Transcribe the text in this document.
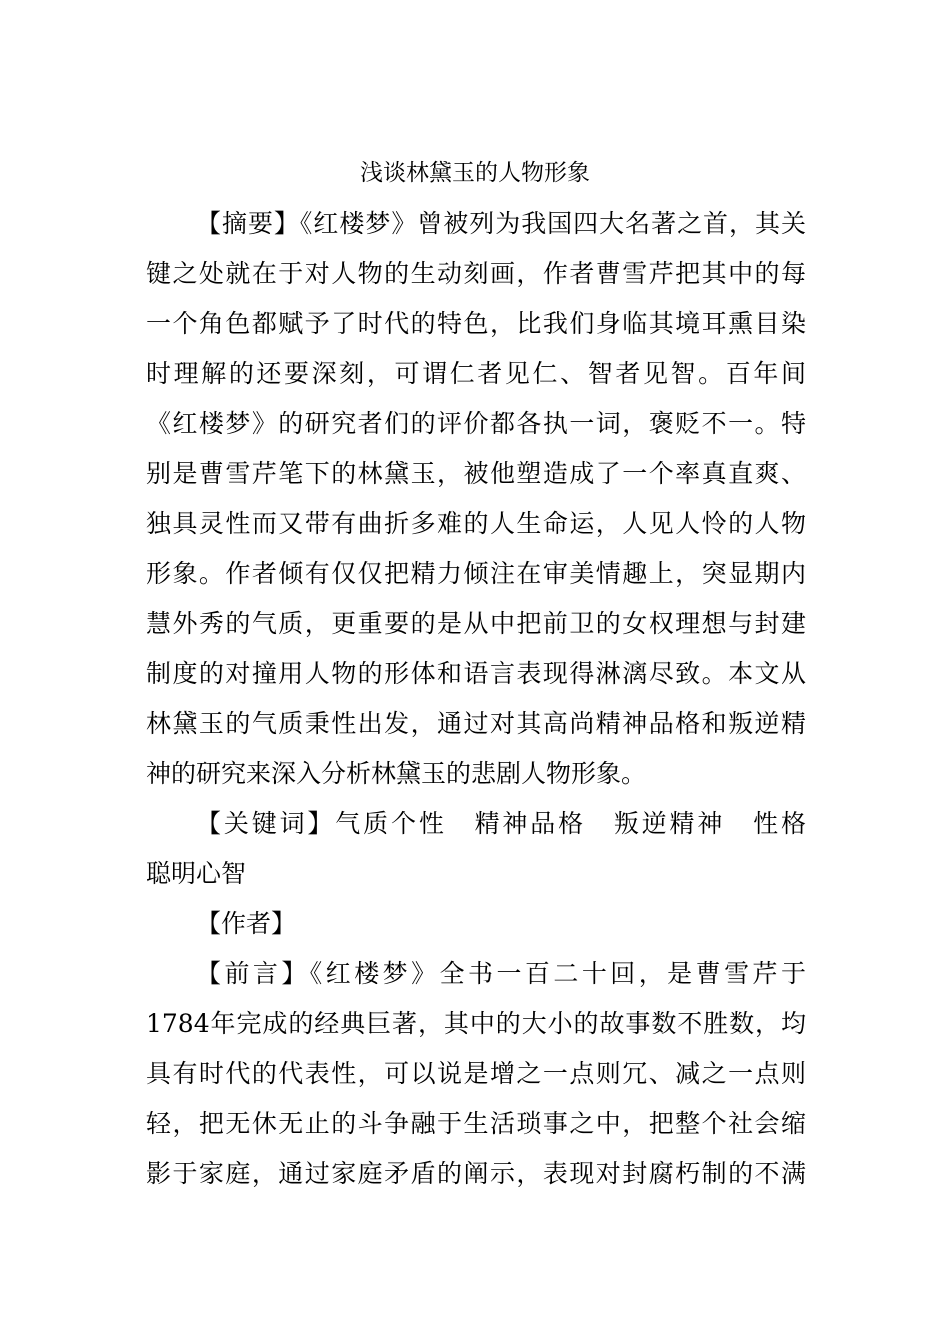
浅谈林黛玉的人物形象
【摘要】《红楼梦》曾被列为我国四大名著之首，其关
键之处就在于对人物的生动刻画，作者曹雪芹把其中的每
一个角色都赋予了时代的特色，比我们身临其境耳熏目染
时理解的还要深刻，可谓仁者见仁、智者见智。百年间
《红楼梦》的研究者们的评价都各执一词，褒贬不一。特
别是曹雪芹笔下的林黛玉，被他塑造成了一个率真直爽、
独具灵性而又带有曲折多难的人生命运，人见人怜的人物
形象。作者倾有仅仅把精力倾注在审美情趣上，突显期内
慧外秀的气质，更重要的是从中把前卫的女权理想与封建
制度的对撞用人物的形体和语言表现得淋漓尽致。本文从
林黛玉的气质秉性出发，通过对其高尚精神品格和叛逆精
神的研究来深入分析林黛玉的悲剧人物形象。
【关键词】气质个性　精神品格　叛逆精神　性格
聪明心智
【作者】
【前言】《红楼梦》全书一百二十回，是曹雪芹于
1784年完成的经典巨著，其中的大小的故事数不胜数，均
具有时代的代表性，可以说是增之一点则冗、减之一点则
轻，把无休无止的斗争融于生活琐事之中，把整个社会缩
影于家庭，通过家庭矛盾的阐示，表现对封腐朽制的不满
